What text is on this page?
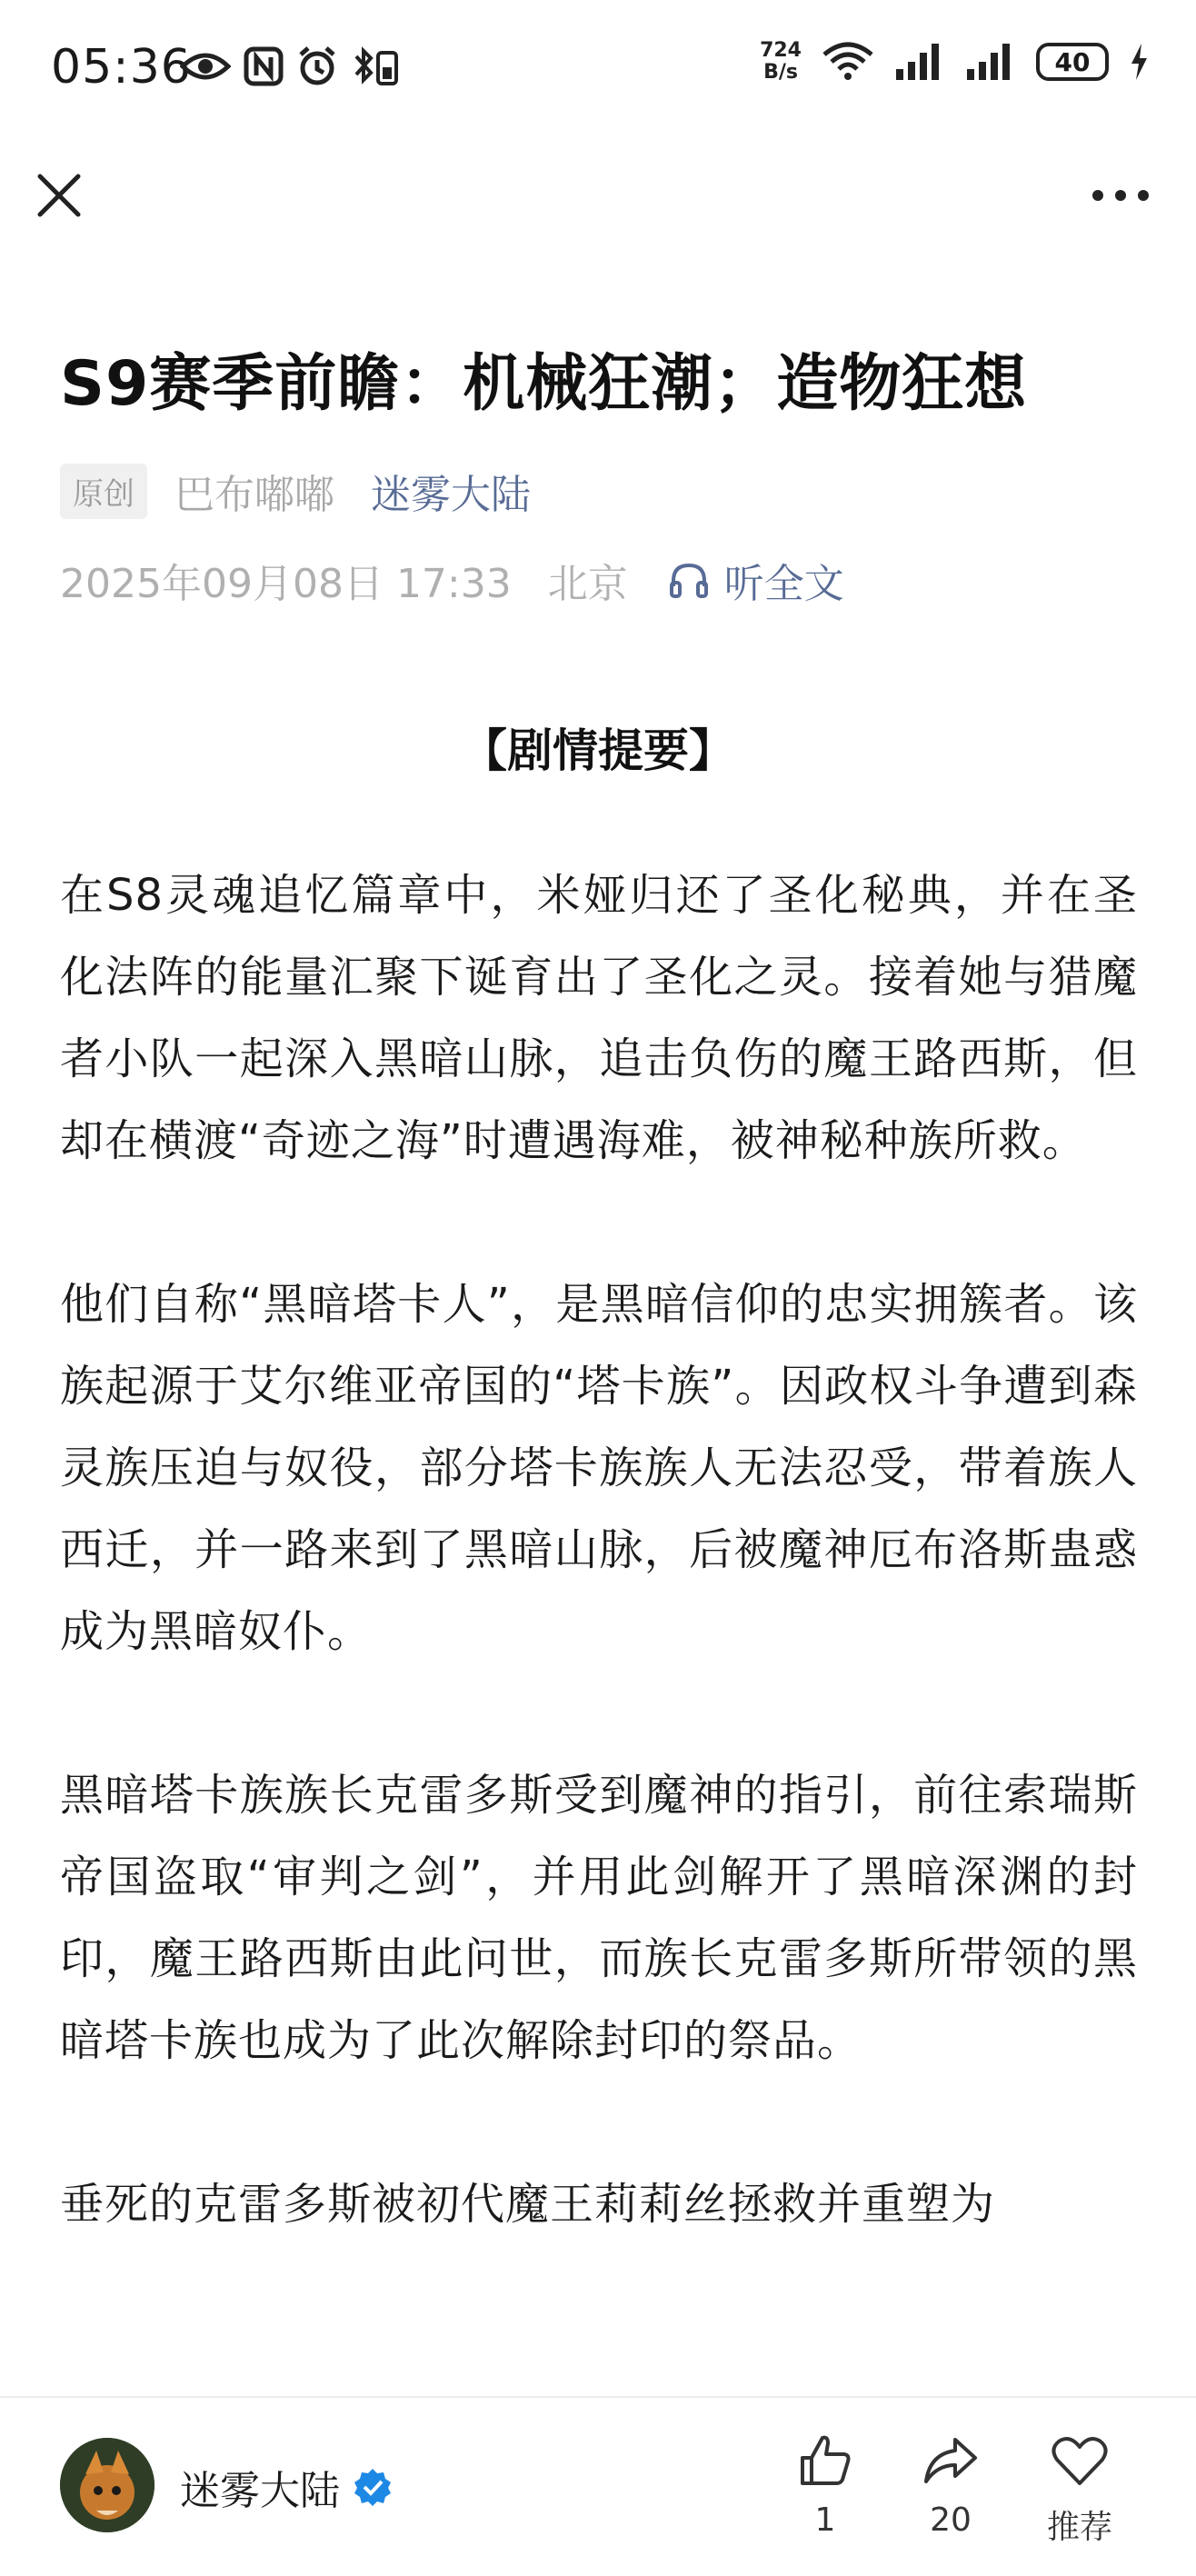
05:36	724
B/s	40
S9赛季前瞻：机械狂潮；造物狂想
原创	巴布嘟嘟 迷雾大陆
2025年09月08日 17:33 北京 听全文
【剧情提要】

在S8灵魂追忆篇章中，米娅归还了圣化秘典，并在圣化法阵的能量汇聚下诞育出了圣化之灵。接着她与猎魔者小队一起深入黑暗山脉，追击负伤的魔王路西斯，但却在横渡“奇迹之海”时遭遇海难，被神秘种族所救。

他们自称“黑暗塔卡人”，是黑暗信仰的忠实拥簇者。该族起源于艾尔维亚帝国的“塔卡族”。因政权斗争遭到森灵族压迫与奴役，部分塔卡族族人无法忍受，带着族人西迁，并一路来到了黑暗山脉，后被魔神厄布洛斯蛊惑成为黑暗奴仆。

黑暗塔卡族族长克雷多斯受到魔神的指引，前往索瑞斯帝国盗取“审判之剑”，并用此剑解开了黑暗深渊的封印，魔王路西斯由此问世，而族长克雷多斯所带领的黑暗塔卡族也成为了此次解除封印的祭品。

垂死的克雷多斯被初代魔王莉莉丝拯救并重塑为

迷雾大陆
1	20	推荐
